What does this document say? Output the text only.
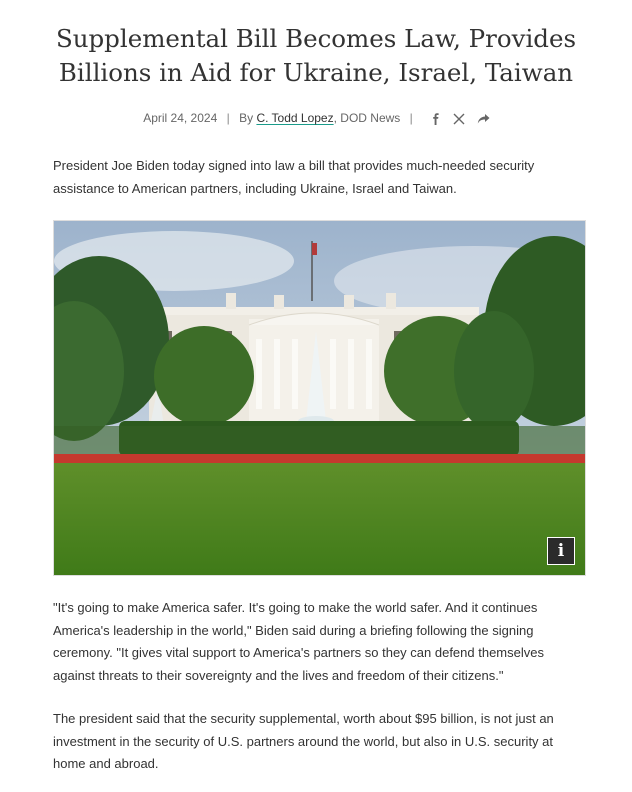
Supplemental Bill Becomes Law, Provides Billions in Aid for Ukraine, Israel, Taiwan
April 24, 2024 | By C. Todd Lopez, DOD News |

President Joe Biden today signed into law a bill that provides much-needed security assistance to American partners, including Ukraine, Israel and Taiwan.

i

"It's going to make America safer. It's going to make the world safer. And it continues America's leadership in the world," Biden said during a briefing following the signing ceremony. "It gives vital support to America's partners so they can defend themselves against threats to their sovereignty and the lives and freedom of their citizens."

The president said that the security supplemental, worth about $95 billion, is not just an investment in the security of U.S. partners around the world, but also in U.S. security at home and abroad.
